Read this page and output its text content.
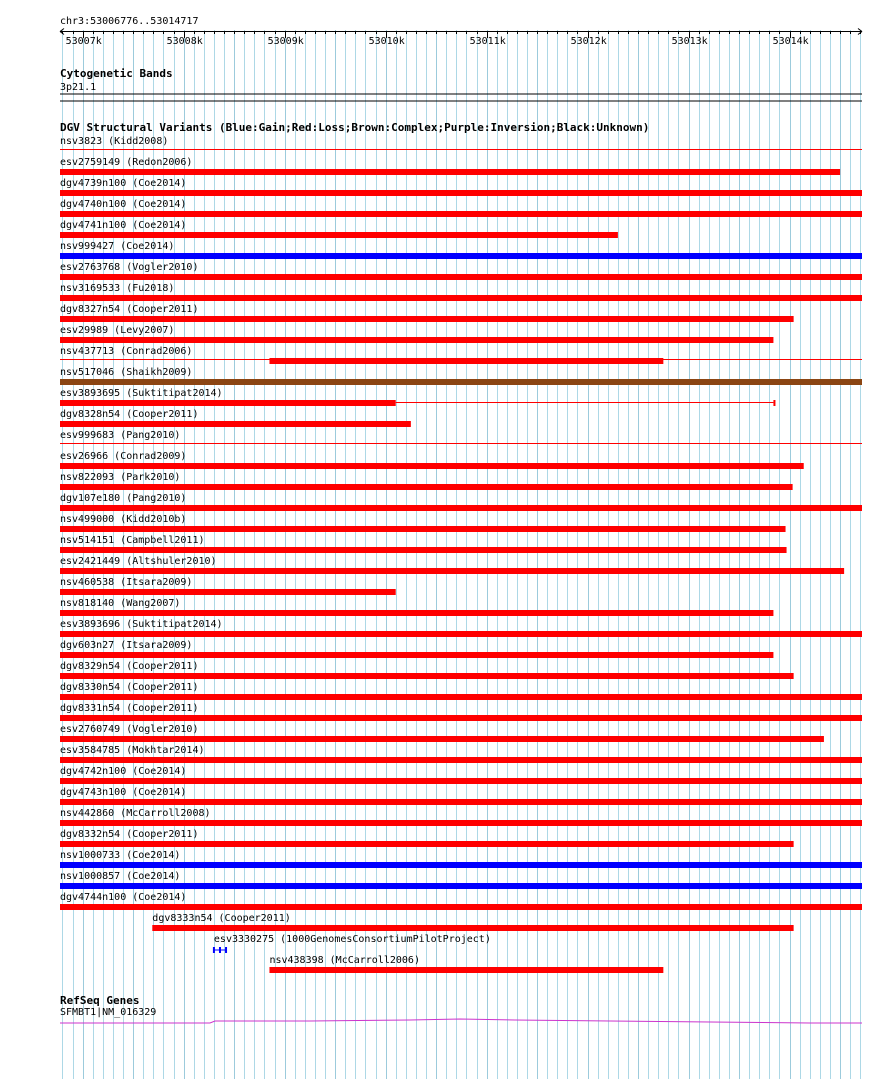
chr3:53006776..53014717
53007k	53008k	53009k	53010k	53011k	53012k	53013k	53014k
Cytogenetic Bands
3p21.1
DGV Structural Variants (Blue:Gain;Red:Loss;Brown:Complex;Purple:Inversion;Black:Unknown)
nsv3823 (Kidd2008)
esv2759149 (Redon2006)
dgv4739n100 (Coe2014)
dgv4740n100 (Coe2014)
dgv4741n100 (Coe2014)
nsv999427 (Coe2014)
esv2763768 (Vogler2010)
nsv3169533 (Fu2018)
dgv8327n54 (Cooper2011)
esv29989 (Levy2007)
nsv437713 (Conrad2006)
nsv517046 (Shaikh2009)
esv3893695 (Suktitipat2014)
dgv8328n54 (Cooper2011)
esv999683 (Pang2010)
esv26966 (Conrad2009)
nsv822093 (Park2010)
dgv107e180 (Pang2010)
nsv499000 (Kidd2010b)
nsv514151 (Campbell2011)
esv2421449 (Altshuler2010)
nsv460538 (Itsara2009)
nsv818140 (Wang2007)
esv3893696 (Suktitipat2014)
dgv603n27 (Itsara2009)
dgv8329n54 (Cooper2011)
dgv8330n54 (Cooper2011)
dgv8331n54 (Cooper2011)
esv2760749 (Vogler2010)
esv3584785 (Mokhtar2014)
dgv4742n100 (Coe2014)
dgv4743n100 (Coe2014)
nsv442860 (McCarroll2008)
dgv8332n54 (Cooper2011)
nsv1000733 (Coe2014)
nsv1000857 (Coe2014)
dgv4744n100 (Coe2014)
dgv8333n54 (Cooper2011)
esv3330275 (1000GenomesConsortiumPilotProject)
nsv438398 (McCarroll2006)
RefSeq Genes
SFMBT1|NM_016329
